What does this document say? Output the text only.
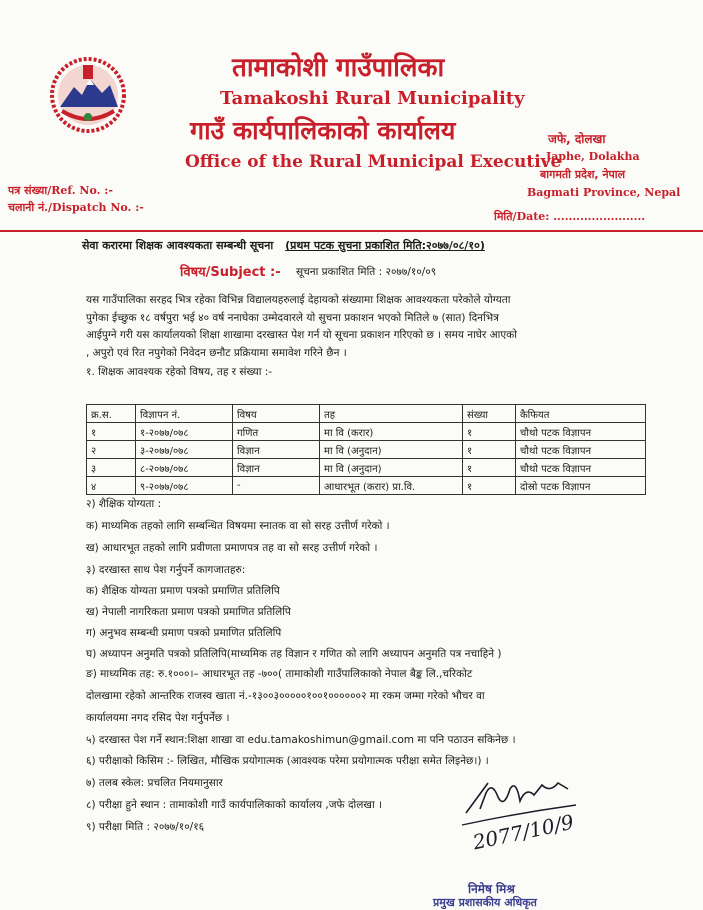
तामाकोशी गाउँपालिका
Tamakoshi Rural Municipality
गाउँ कार्यपालिकाको कार्यालय
Office of the Rural Municipal Executive
जफे, दोलखा
Japhe, Dolakha
बागमती प्रदेश, नेपाल
Bagmati Province, Nepal
पत्र संख्या/Ref. No. :-
चलानी नं./Dispatch No. :-
मिति/Date: ........................
सेवा करारमा शिक्षक आवश्यकता सम्बन्धी सूचना (प्रथम पटक सुचना प्रकाशित मिति:२०७७/०८/१०)
विषय/Subject :- सूचना प्रकाशित मिति : २०७७/१०/०९
यस गाउँपालिका सरहद भित्र रहेका विभिन्न विद्यालयहरुलाई देहायको संख्यामा शिक्षक आवश्यकता परेकोले योग्यता
पुगेका ईच्छुक १८ वर्षपुरा भई ४० वर्ष ननाघेका उम्मेदवारले यो सुचना प्रकाशन भएको मितिले ७ (सात) दिनभित्र
आईपुग्ने गरी यस कार्यालयको शिक्षा शाखामा दरखास्त पेश गर्न यो सूचना प्रकाशन गरिएको छ । समय नाघेर आएको
, अपुरो एवं रित नपुगेको निवेदन छनौट प्रक्रियामा समावेश गरिने छैन ।
१. शिक्षक आवश्यक रहेको विषय, तह र संख्या :-
क्र.स.	विज्ञापन नं.	विषय	तह	संख्या	कैफियत
१	१-२०७७/०७८	गणित	मा वि (करार)	१	चौथो पटक विज्ञापन
२	३-२०७७/०७८	विज्ञान	मा वि (अनुदान)	१	चौथो पटक विज्ञापन
३	८-२०७७/०७८	विज्ञान	मा वि (अनुदान)	१	चौथो पटक विज्ञापन
४	९-२०७७/०७८	-	आधारभूत (करार) प्रा.वि.	१	दोस्रो पटक विज्ञापन
२) शैक्षिक योग्यता :
क) माध्यमिक तहको लागि सम्बन्धित विषयमा स्नातक वा सो सरह उत्तीर्ण गरेको ।
ख) आधारभूत तहको लागि प्रवीणता प्रमाणपत्र तह वा सो सरह उत्तीर्ण गरेको ।
३) दरखास्त साथ पेश गर्नुपर्ने कागजातहरु:
क) शैक्षिक योग्यता प्रमाण पत्रको प्रमाणित प्रतिलिपि
ख) नेपाली नागरिकता प्रमाण पत्रको प्रमाणित प्रतिलिपि
ग) अनुभव सम्बन्धी प्रमाण पत्रको प्रमाणित प्रतिलिपि
घ) अध्यापन अनुमति पत्रको प्रतिलिपि(माध्यमिक तह विज्ञान र गणित को लागि अध्यापन अनुमति पत्र नचाहिने )
ङ) माध्यमिक तह: रु.१०००।– आधारभूत तह -७००( तामाकोशी गाउँपालिकाको नेपाल बैङ्क लि.,चरिकोट
दोलखामा रहेको आन्तरिक राजस्व खाता नं.-१३००३०००००१००१००००००२ मा रकम जम्मा गरेको भौचर वा
कार्यालयमा नगद रसिद पेश गर्नुपर्नेछ ।
५) दरखास्त पेश गर्ने स्थान:शिक्षा शाखा वा edu.tamakoshimun@gmail.com मा पनि पठाउन सकिनेछ ।
६) परीक्षाको किसिम :- लिखित, मौखिक प्रयोगात्मक (आवश्यक परेमा प्रयोगात्मक परीक्षा समेत लिइनेछ।) ।
७) तलब स्केल: प्रचलित नियमानुसार
८) परीक्षा हुने स्थान : तामाकोशी गाउँ कार्यपालिकाको कार्यालय ,जफे दोलखा ।
९) परीक्षा मिति : २०७७/१०/१६	2077/10/9
निमेष मिश्र
प्रमुख प्रशासकीय अधिकृत
